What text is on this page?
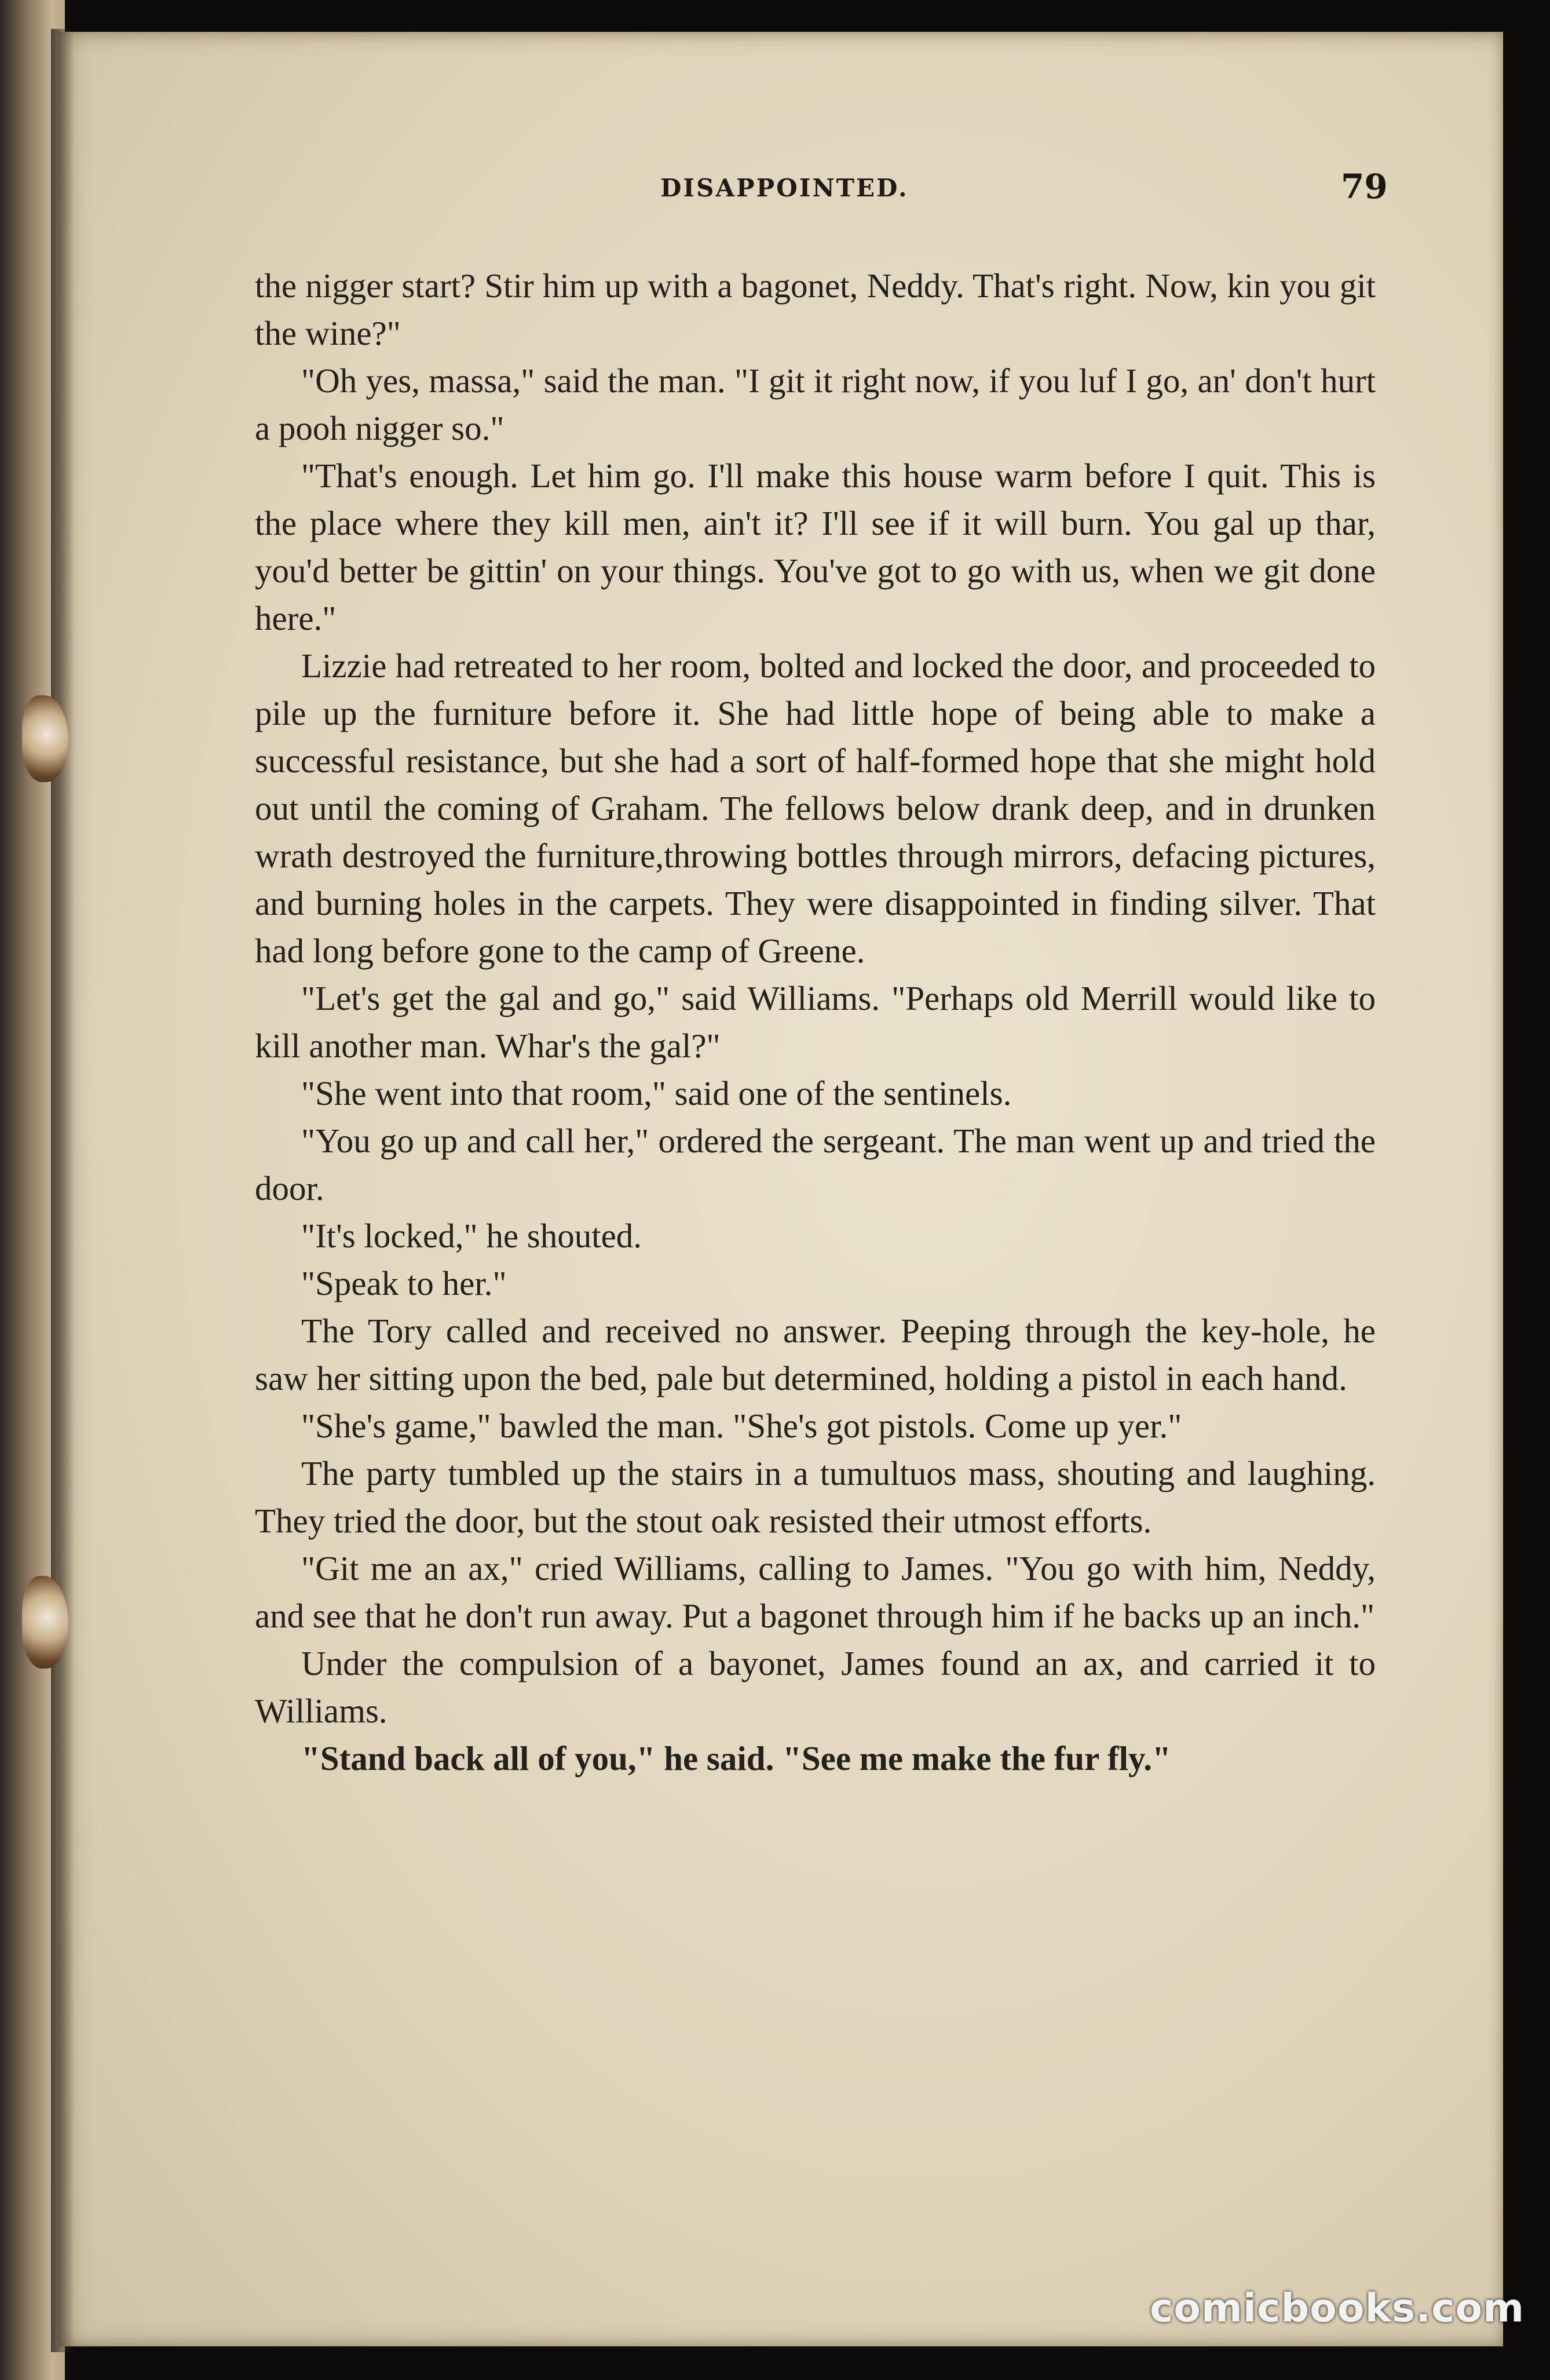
DISAPPOINTED.	79

the nigger start? Stir him up with a bagonet, Neddy. That's right. Now, kin you git the wine?"

"Oh yes, massa," said the man. "I git it right now, if you luf I go, an' don't hurt a pooh nigger so."

"That's enough. Let him go. I'll make this house warm before I quit. This is the place where they kill men, ain't it? I'll see if it will burn. You gal up thar, you'd better be gittin' on your things. You've got to go with us, when we git done here."

Lizzie had retreated to her room, bolted and locked the door, and proceeded to pile up the furniture before it. She had little hope of being able to make a successful resistance, but she had a sort of half-formed hope that she might hold out until the coming of Graham. The fellows below drank deep, and in drunken wrath destroyed the furniture,throwing bottles through mirrors, defacing pictures, and burning holes in the carpets. They were disappointed in finding silver. That had long before gone to the camp of Greene.

"Let's get the gal and go," said Williams. "Perhaps old Merrill would like to kill another man. Whar's the gal?"

"She went into that room," said one of the sentinels.

"You go up and call her," ordered the sergeant. The man went up and tried the door.

"It's locked," he shouted.

"Speak to her."

The Tory called and received no answer. Peeping through the key-hole, he saw her sitting upon the bed, pale but determined, holding a pistol in each hand.

"She's game," bawled the man. "She's got pistols. Come up yer."

The party tumbled up the stairs in a tumultuos mass, shouting and laughing. They tried the door, but the stout oak resisted their utmost efforts.

"Git me an ax," cried Williams, calling to James. "You go with him, Neddy, and see that he don't run away. Put a bagonet through him if he backs up an inch."

Under the compulsion of a bayonet, James found an ax, and carried it to Williams.

"Stand back all of you," he said. "See me make the fur fly."

comicbooks.com
